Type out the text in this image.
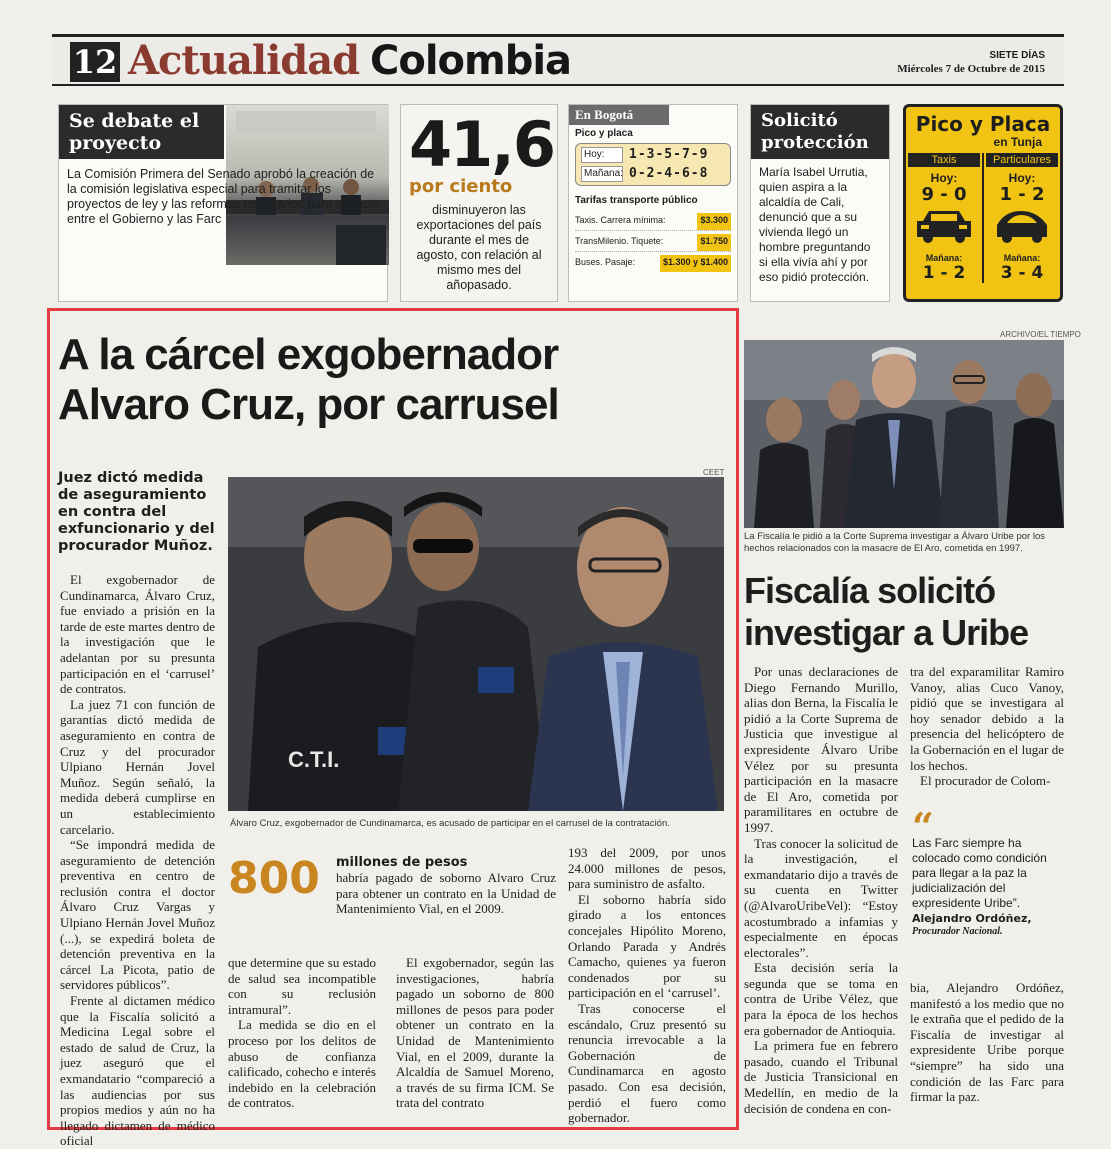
12 Actualidad Colombia	SIETE DÍAS
Miércoles 7 de Octubre de 2015
Se debate el
proyecto
La Comisión Primera del Senado aprobó la creación de la comisión legislativa especial para tramitar los proyectos de ley y las reformas necesarios para el pacto entre el Gobierno y las Farc
41,6
por ciento
disminuyeron las exportaciones del país durante el mes de agosto, con relación al mismo mes del añopasado.
En Bogotá
Pico y placa
Hoy:	1-3-5-7-9
Mañana: 0-2-4-6-8
Tarifas transporte público
Taxis. Carrera mínima:	$3.300
TransMilenio. Tiquete:	$1.750
Buses. Pasaje:	$1.300 y $1.400
Solicitó
protección
María Isabel Urrutia, quien aspira a la alcaldía de Cali, denunció que a su vivienda llegó un hombre preguntando si ella vivía ahí y por eso pidió protección.
Pico y Placa
en Tunja
Taxis
Hoy:
9 - 0
Mañana:
1 - 2
Particulares
Hoy:
1 - 2
Mañana:
3 - 4
A la cárcel exgobernador
Alvaro Cruz, por carrusel
Juez dictó medida de aseguramiento en contra del exfuncionario y del procurador Muñoz.
CEET
C.T.I.
Álvaro Cruz, exgobernador de Cundinamarca, es acusado de participar en el carrusel de la contratación.

El exgobernador de Cundinamarca, Álvaro Cruz, fue enviado a prisión en la tarde de este martes dentro de la investigación que le adelantan por su presunta participación en el ‘carrusel’ de contratos.

La juez 71 con función de garantías dictó medida de aseguramiento en contra de Cruz y del procurador Ulpiano Hernán Jovel Muñoz. Según señaló, la medida deberá cumplirse en un establecimiento carcelario.

“Se impondrá medida de aseguramiento de detención preventiva en centro de reclusión contra el doctor Álvaro Cruz Vargas y Ulpiano Hernán Jovel Muñoz (...), se expedirá boleta de detención preventiva en la cárcel La Picota, patio de servidores públicos”.

Frente al dictamen médico que la Fiscalía solicitó a Medicina Legal sobre el estado de salud de Cruz, la juez aseguró que el exmandatario “compareció a las audiencias por sus propios medios y aún no ha llegado dictamen de médico oficial

800 millones de pesos
habría pagado de soborno Alvaro Cruz para obtener un contrato en la Unidad de Mantenimiento Vial, en el 2009.

que determine que su estado de salud sea incompatible con su reclusión intramural”.

La medida se dio en el proceso por los delitos de abuso de confianza calificado, cohecho e interés indebido en la celebración de contratos.

El exgobernador, según las investigaciones, habría pagado un soborno de 800 millones de pesos para poder obtener un contrato en la Unidad de Mantenimiento Vial, en el 2009, durante la Alcaldía de Samuel Moreno, a través de su firma ICM. Se trata del contrato

193 del 2009, por unos 24.000 millones de pesos, para suministro de asfalto.

El soborno habría sido girado a los entonces concejales Hipólito Moreno, Orlando Parada y Andrés Camacho, quienes ya fueron condenados por su participación en el ‘carrusel’.

Tras conocerse el escándalo, Cruz presentó su renuncia irrevocable a la Gobernación de Cundinamarca en agosto pasado. Con esa decisión, perdió el fuero como gobernador.

ARCHIVO/EL TIEMPO
La Fiscalía le pidió a la Corte Suprema investigar a Álvaro Uribe por los hechos relacionados con la masacre de El Aro, cometida en 1997.
Fiscalía solicitó
investigar a Uribe

Por unas declaraciones de Diego Fernando Murillo, alias don Berna, la Fiscalía le pidió a la Corte Suprema de Justicia que investigue al expresidente Álvaro Uribe Vélez por su presunta participación en la masacre de El Aro, cometida por paramilitares en octubre de 1997.

Tras conocer la solicitud de la investigación, el exmandatario dijo a través de su cuenta en Twitter (@AlvaroUribeVel): “Estoy acostumbrado a infamias y especialmente en épocas electorales”.

Esta decisión sería la segunda que se toma en contra de Uribe Vélez, que para la época de los hechos era gobernador de Antioquia.

La primera fue en febrero pasado, cuando el Tribunal de Justicia Transicional en Medellín, en medio de la decisión de condena en con-

tra del exparamilitar Ramiro Vanoy, alias Cuco Vanoy, pidió que se investigara al hoy senador debido a la presencia del helicóptero de la Gobernación en el lugar de los hechos.

El procurador de Colom-

“
Las Farc siempre ha colocado como condición para llegar a la paz la judicialización del expresidente Uribe”.
Alejandro Ordóñez,
Procurador Nacional.

bia, Alejandro Ordóñez, manifestó a los medio que no le extraña que el pedido de la Fiscalía de investigar al expresidente Uribe porque “siempre” ha sido una condición de las Farc para firmar la paz.
